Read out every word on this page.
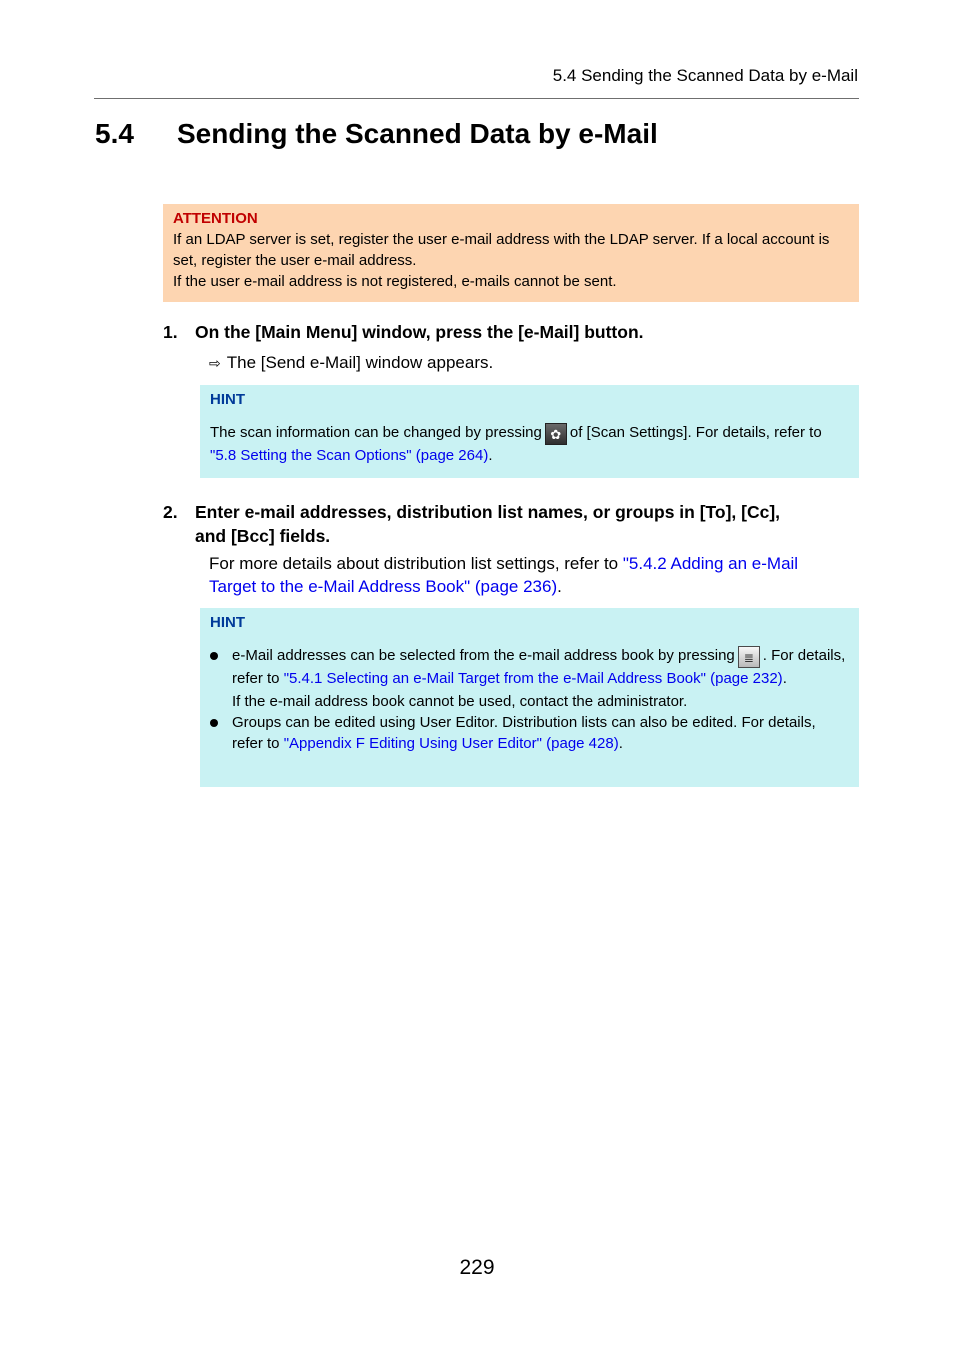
5.4 Sending the Scanned Data by e-Mail
5.4 Sending the Scanned Data by e-Mail
ATTENTION
If an LDAP server is set, register the user e-mail address with the LDAP server. If a local account is set, register the user e-mail address.
If the user e-mail address is not registered, e-mails cannot be sent.
1. On the [Main Menu] window, press the [e-Mail] button.
⇨ The [Send e-Mail] window appears.
HINT
The scan information can be changed by pressing ✿ of [Scan Settings]. For details, refer to "5.8 Setting the Scan Options" (page 264).
2. Enter e-mail addresses, distribution list names, or groups in [To], [Cc],
and [Bcc] fields.
For more details about distribution list settings, refer to "5.4.2 Adding an e-Mail Target to the e-Mail Address Book" (page 236).
HINT
e-Mail addresses can be selected from the e-mail address book by pressing ≣ . For details, refer to "5.4.1 Selecting an e-Mail Target from the e-Mail Address Book" (page 232).
If the e-mail address book cannot be used, contact the administrator.
Groups can be edited using User Editor. Distribution lists can also be edited. For details, refer to "Appendix F Editing Using User Editor" (page 428).
229
